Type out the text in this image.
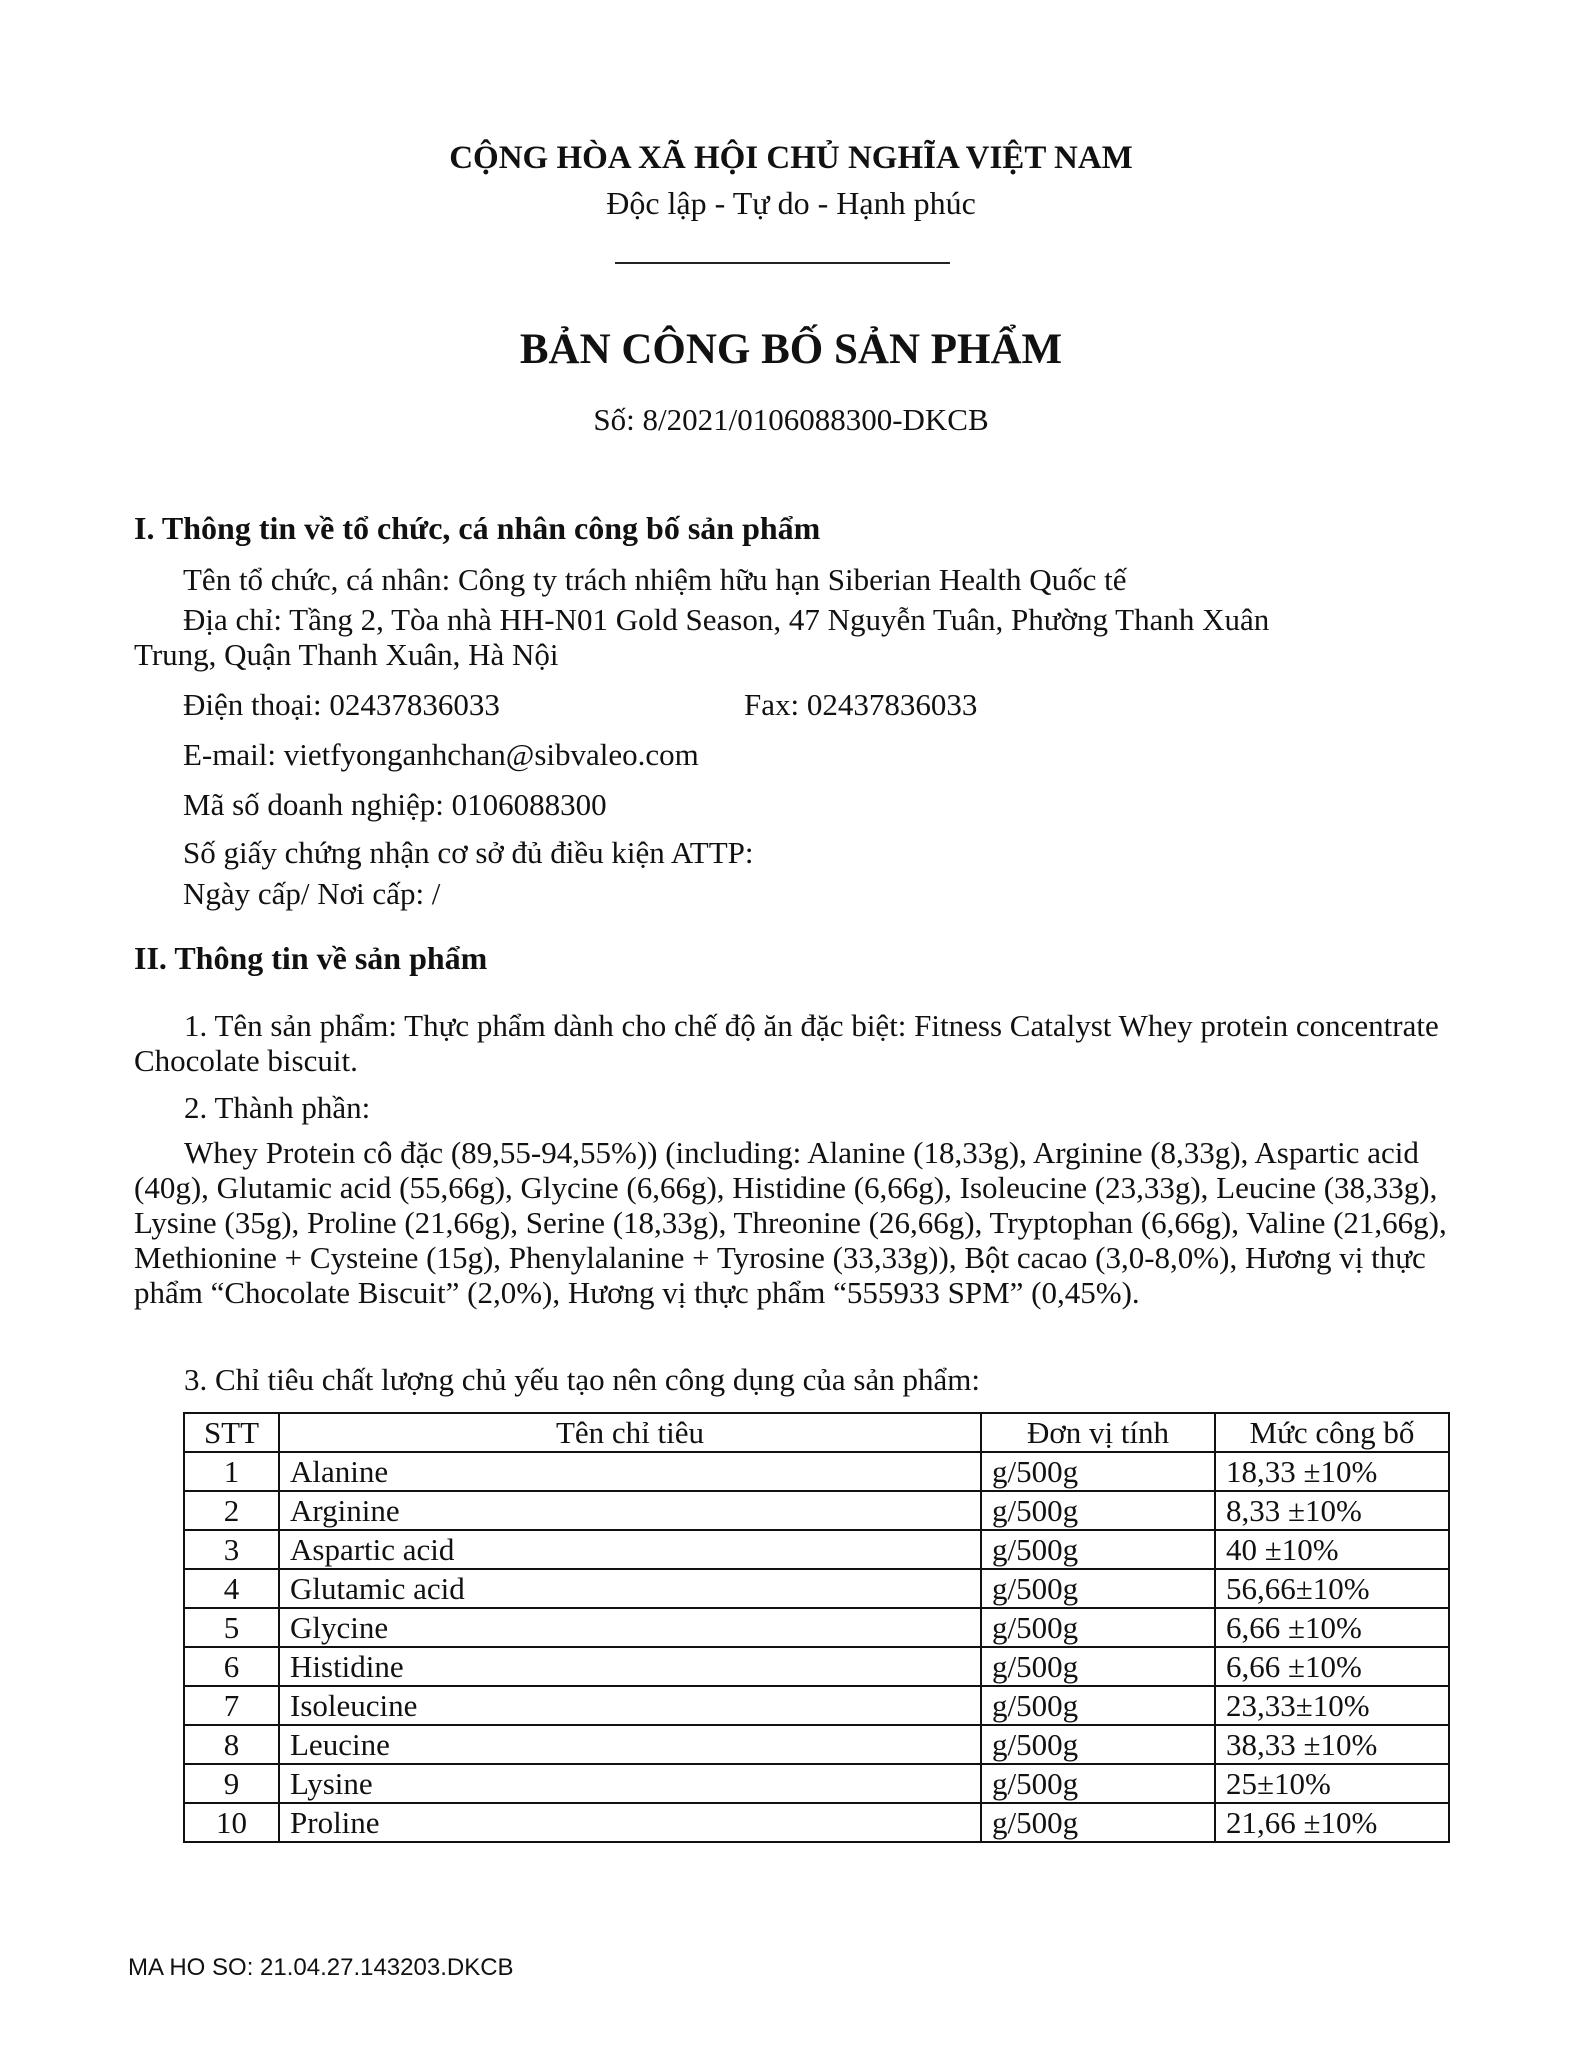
CỘNG HÒA XÃ HỘI CHỦ NGHĨA VIỆT NAM
Độc lập - Tự do - Hạnh phúc
BẢN CÔNG BỐ SẢN PHẨM
Số: 8/2021/0106088300-DKCB
I. Thông tin về tổ chức, cá nhân công bố sản phẩm
Tên tổ chức, cá nhân: Công ty trách nhiệm hữu hạn Siberian Health Quốc tế
Địa chỉ: Tầng 2, Tòa nhà HH-N01 Gold Season, 47 Nguyễn Tuân, Phường Thanh Xuân
Trung, Quận Thanh Xuân, Hà Nội
Điện thoại: 02437836033	Fax: 02437836033
E-mail: vietfyonganhchan@sibvaleo.com
Mã số doanh nghiệp: 0106088300
Số giấy chứng nhận cơ sở đủ điều kiện ATTP:
Ngày cấp/ Nơi cấp: /
II. Thông tin về sản phẩm
1. Tên sản phẩm: Thực phẩm dành cho chế độ ăn đặc biệt: Fitness Catalyst Whey protein concentrate Chocolate biscuit.
2. Thành phần:
Whey Protein cô đặc (89,55-94,55%)) (including: Alanine (18,33g), Arginine (8,33g), Aspartic acid (40g), Glutamic acid (55,66g), Glycine (6,66g), Histidine (6,66g), Isoleucine (23,33g), Leucine (38,33g), Lysine (35g), Proline (21,66g), Serine (18,33g), Threonine (26,66g), Tryptophan (6,66g), Valine (21,66g), Methionine + Cysteine (15g), Phenylalanine + Tyrosine (33,33g)), Bột cacao (3,0-8,0%), Hương vị thực phẩm “Chocolate Biscuit” (2,0%), Hương vị thực phẩm “555933 SPM” (0,45%).
3. Chỉ tiêu chất lượng chủ yếu tạo nên công dụng của sản phẩm:
STT	Tên chỉ tiêu	Đơn vị tính	Mức công bố
1	Alanine	g/500g	18,33 ±10%
2	Arginine	g/500g	8,33 ±10%
3	Aspartic acid	g/500g	40 ±10%
4	Glutamic acid	g/500g	56,66±10%
5	Glycine	g/500g	6,66 ±10%
6	Histidine	g/500g	6,66 ±10%
7	Isoleucine	g/500g	23,33±10%
8	Leucine	g/500g	38,33 ±10%
9	Lysine	g/500g	25±10%
10	Proline	g/500g	21,66 ±10%
MA HO SO: 21.04.27.143203.DKCB
